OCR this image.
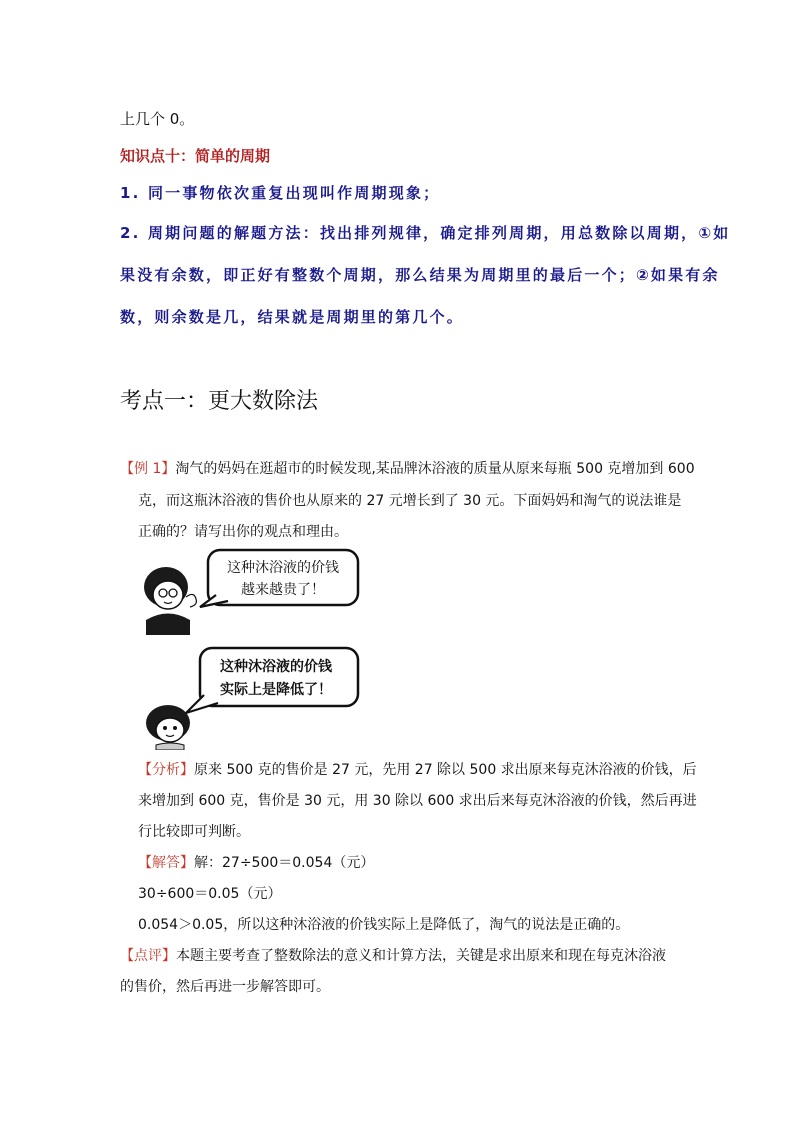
上几个 0。
知识点十：简单的周期
1. 同一事物依次重复出现叫作周期现象；
2. 周期问题的解题方法：找出排列规律，确定排列周期，用总数除以周期，①如
果没有余数，即正好有整数个周期，那么结果为周期里的最后一个；②如果有余
数，则余数是几，结果就是周期里的第几个。
考点一：更大数除法
【例 1】淘气的妈妈在逛超市的时候发现,某品牌沐浴液的质量从原来每瓶 500 克增加到 600
克，而这瓶沐浴液的售价也从原来的 27 元增长到了 30 元。下面妈妈和淘气的说法谁是
正确的？请写出你的观点和理由。
这种沐浴液的价钱
越来越贵了！
这种沐浴液的价钱
实际上是降低了！
【分析】原来 500 克的售价是 27 元，先用 27 除以 500 求出原来每克沐浴液的价钱，后
来增加到 600 克，售价是 30 元，用 30 除以 600 求出后来每克沐浴液的价钱，然后再进
行比较即可判断。
【解答】解：27÷500＝0.054（元）
30÷600＝0.05（元）
0.054＞0.05，所以这种沐浴液的价钱实际上是降低了，淘气的说法是正确的。
【点评】本题主要考查了整数除法的意义和计算方法，关键是求出原来和现在每克沐浴液
的售价，然后再进一步解答即可。
